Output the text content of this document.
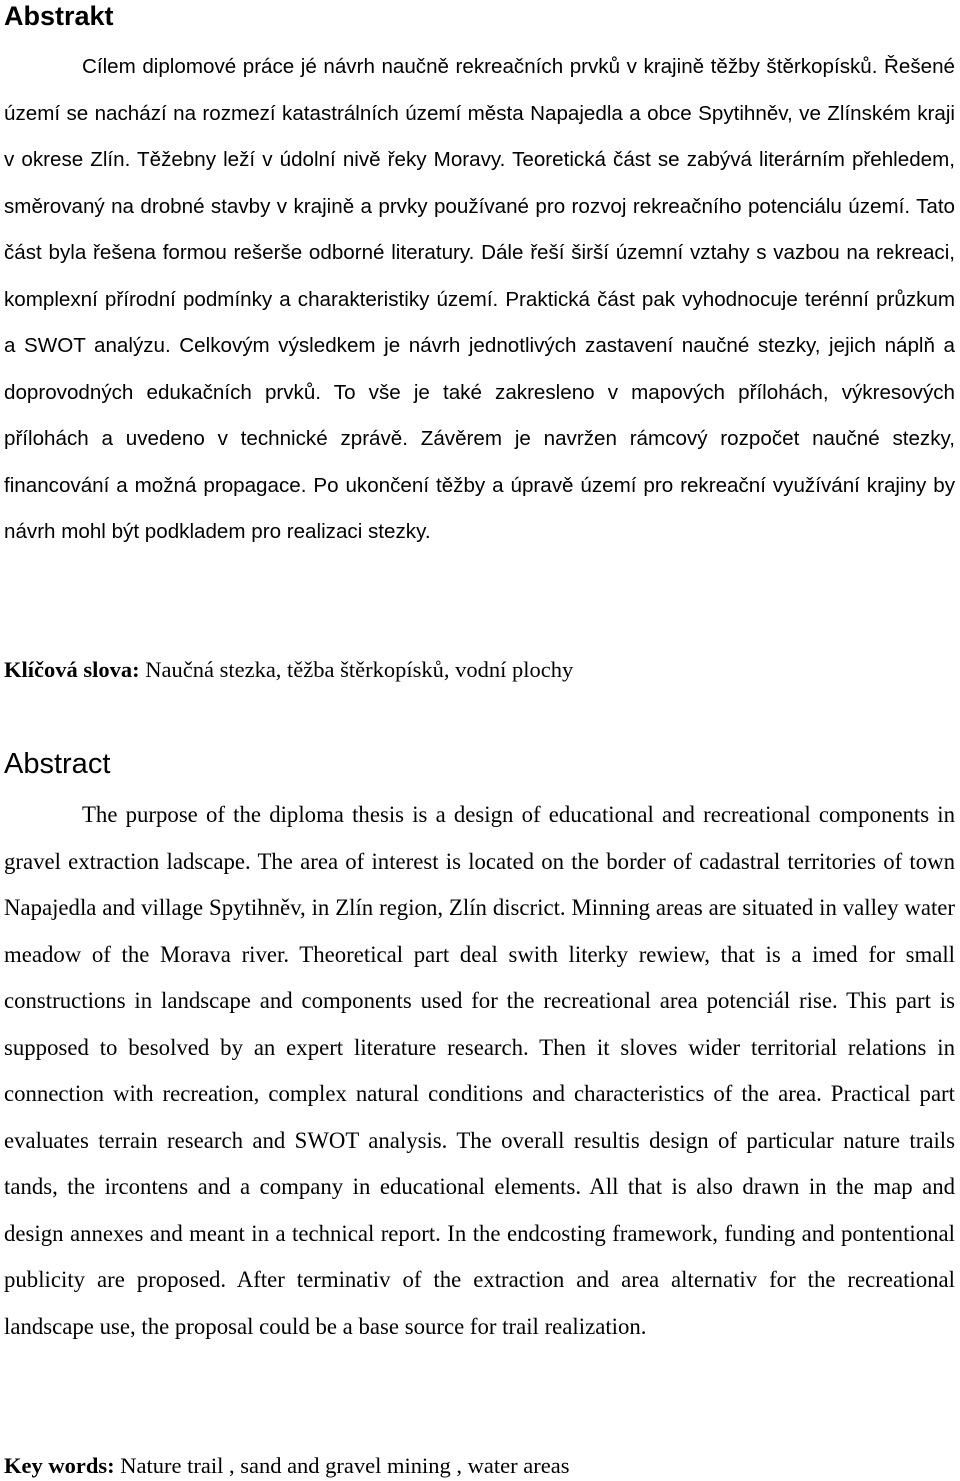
Abstrakt

Cílem diplomové práce jé návrh naučně rekreačních prvků v krajině těžby štěrkopísků. Řešené území se nachází na rozmezí katastrálních území města Napajedla a obce Spytihněv, ve Zlínském kraji v okrese Zlín. Těžebny leží v údolní nivě řeky Moravy. Teoretická část se zabývá literárním přehledem, směrovaný na drobné stavby v krajině a prvky používané pro rozvoj rekreačního potenciálu území. Tato část byla řešena formou rešerše odborné literatury. Dále řeší širší územní vztahy s vazbou na rekreaci, komplexní přírodní podmínky a charakteristiky území. Praktická část pak vyhodnocuje terénní průzkum a SWOT analýzu. Celkovým výsledkem je návrh jednotlivých zastavení naučné stezky, jejich náplň a doprovodných edukačních prvků. To vše je také zakresleno v mapových přílohách, výkresových přílohách a uvedeno v technické zprávě. Závěrem je navržen rámcový rozpočet naučné stezky, financování a možná propagace. Po ukončení těžby a úpravě území pro rekreační využívání krajiny by návrh mohl být podkladem pro realizaci stezky.

Klíčová slova: Naučná stezka, těžba štěrkopísků, vodní plochy

Abstract

The purpose of the diploma thesis is a design of educational and recreational components in gravel extraction ladscape. The area of interest is located on the border of cadastral territories of town Napajedla and village Spytihněv, in Zlín region, Zlín discrict. Minning areas are situated in valley water meadow of the Morava river. Theoretical part deal swith literky rewiew, that is a imed for small constructions in landscape and components used for the recreational area potenciál rise. This part is supposed to besolved by an expert literature research. Then it sloves wider territorial relations in connection with recreation, complex natural conditions and characteristics of the area. Practical part evaluates terrain research and SWOT analysis. The overall resultis design of particular nature trails tands, the ircontens and a company in educational elements. All that is also drawn in the map and design annexes and meant in a technical report. In the endcosting framework, funding and pontentional publicity are proposed. After terminativ of the extraction and area alternativ for the recreational landscape use, the proposal could be a base source for trail realization.

Key words: Nature trail , sand and gravel mining , water areas
